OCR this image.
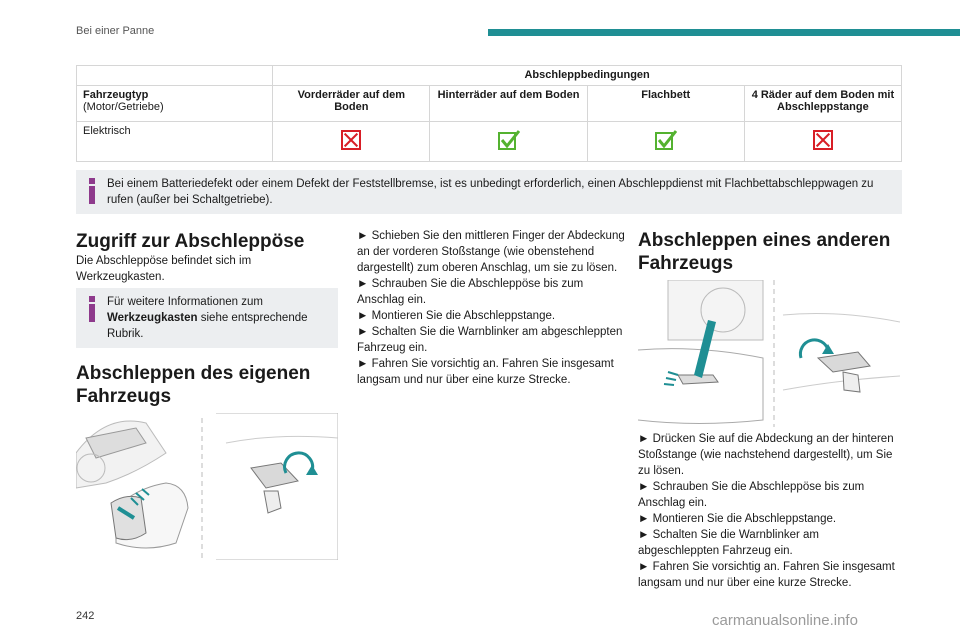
Bei einer Panne
	Abschleppbedingungen			

Fahrzeugtyp
(Motor/Getriebe)	Vorderräder auf dem Boden	Hinterräder auf dem Boden	Flachbett	4 Räder auf dem Boden mit Abschleppstange
Elektrisch				
Bei einem Batteriedefekt oder einem Defekt der Feststellbremse, ist es unbedingt erforderlich, einen Abschleppdienst mit Flachbettabschleppwagen zu rufen (außer bei Schaltgetriebe).
Zugriff zur Abschleppöse
Die Abschleppöse befindet sich im Werkzeugkasten.
Für weitere Informationen zum Werkzeugkasten siehe entsprechende Rubrik.
Abschleppen des eigenen Fahrzeugs
► Schieben Sie den mittleren Finger der Abdeckung an der vorderen Stoßstange (wie obenstehend dargestellt) zum oberen Anschlag, um sie zu lösen.
► Schrauben Sie die Abschleppöse bis zum Anschlag ein.
► Montieren Sie die Abschleppstange.
► Schalten Sie die Warnblinker am abgeschleppten Fahrzeug ein.
► Fahren Sie vorsichtig an. Fahren Sie insgesamt langsam und nur über eine kurze Strecke.
Abschleppen eines anderen Fahrzeugs
► Drücken Sie auf die Abdeckung an der hinteren Stoßstange (wie nachstehend dargestellt), um Sie zu lösen.
► Schrauben Sie die Abschleppöse bis zum Anschlag ein.
► Montieren Sie die Abschleppstange.
► Schalten Sie die Warnblinker am abgeschleppten Fahrzeug ein.
► Fahren Sie vorsichtig an. Fahren Sie insgesamt langsam und nur über eine kurze Strecke.
242	carmanualsonline.info
